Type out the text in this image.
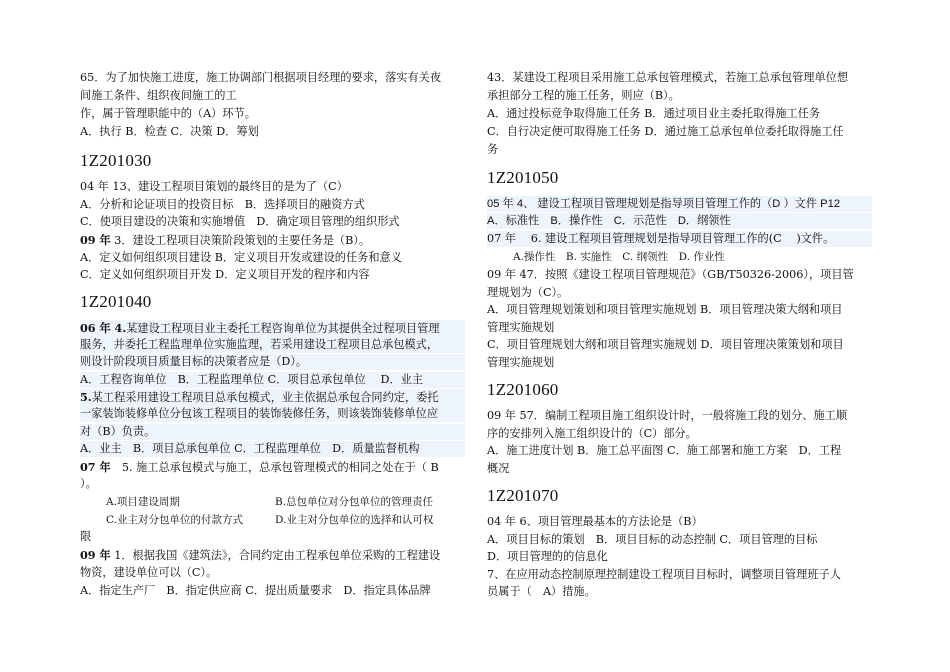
65．为了加快施工进度，施工协调部门根据项目经理的要求，落实有关夜
间施工条件、组织夜间施工的工
作，属于管理职能中的（A）环节。
A．执行 B．检查 C．决策 D．筹划
1Z201030
04 年 13、建设工程项目策划的最终目的是为了（C）
A．分析和论证项目的投资目标　B．选择项目的融资方式
C．使项目建设的决策和实施增值　D．确定项目管理的组织形式
09 年 3．建设工程项目决策阶段策划的主要任务是（B）。
A．定义如何组织项目建设 B．定义项目开发或建设的任务和意义
C．定义如何组织项目开发 D．定义项目开发的程序和内容
1Z201040
06 年 4.某建设工程项目业主委托工程咨询单位为其提供全过程项目管理
服务，并委托工程监理单位实施监理，若采用建设工程项目总承包模式，
则设计阶段项目质量目标的决策者应是（D）。
A．工程咨询单位　B．工程监理单位 C．项目总承包单位　 D．业主
5.某工程采用建设工程项目总承包模式，业主依据总承包合同约定，委托
一家装饰装修单位分包该工程项目的装饰装修任务，则该装饰装修单位应
对（B）负责。
A．业主　B．项目总承包单位 C．工程监理单位　D．质量监督机构
07 年　5. 施工总承包模式与施工，总承包管理模式的相同之处在于（ B
）。
A.项目建设周期	B.总包单位对分包单位的管理责任
C.业主对分包单位的付款方式	D.业主对分包单位的选择和认可权
限
09 年 1．根据我国《建筑法》，合同约定由工程承包单位采购的工程建设
物资，建设单位可以（C）。
A．指定生产厂　B．指定供应商 C．提出质量要求　D．指定具体品牌
43．某建设工程项目采用施工总承包管理模式，若施工总承包管理单位想
承担部分工程的施工任务，则应（B）。
A．通过投标竞争取得施工任务 B．通过项目业主委托取得施工任务
C．自行决定便可取得施工任务 D．通过施工总承包单位委托取得施工任
务
1Z201050
05 年 4、 建设工程项目管理规划是指导项目管理工作的（D ）文件 P12
A．标准性　B．操作性　C．示范性　D．纲领性
07 年　 6. 建设工程项目管理规划是指导项目管理工作的(C　 )文件。
A.操作性　B. 实施性　C. 纲领性　D. 作业性
09 年 47．按照《建设工程项目管理规范》（GB/T50326-2006），项目管
理规划为（C）。
A．项目管理规划策划和项目管理实施规划 B．项目管理决策大纲和项目
管理实施规划
C．项目管理规划大纲和项目管理实施规划 D．项目管理决策策划和项目
管理实施规划
1Z201060
09 年 57．编制工程项目施工组织设计时，一般将施工段的划分、施工顺
序的安排列入施工组织设计的（C）部分。
A．施工进度计划 B．施工总平面图 C．施工部署和施工方案　D．工程
概况
1Z201070
04 年 6、项目管理最基本的方法论是（B）
A．项目目标的策划　B．项目目标的动态控制 C．项目管理的目标
D．项目管理的的信息化
7、在应用动态控制原理控制建设工程项目目标时，调整项目管理班子人
员属于（　A）措施。
